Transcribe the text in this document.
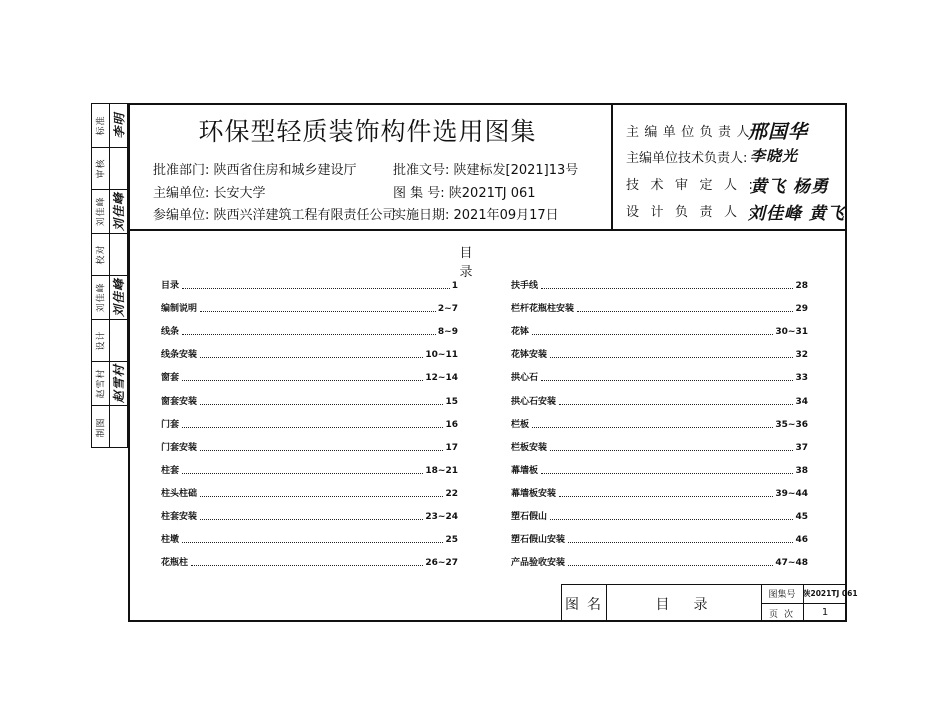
标准 李明
审核
刘佳峰 刘佳峰
校对
刘佳峰 刘佳峰
设计
赵雪村 赵雪村
制图
环保型轻质装饰构件选用图集
批准部门: 陕西省住房和城乡建设厅	批准文号: 陕建标发[2021]13号
主编单位: 长安大学	图 集 号: 陕2021TJ 061
参编单位: 陕西兴洋建筑工程有限责任公司
实施日期: 2021年09月17日
主编单位负责人:
邢国华
主编单位技术负责人: 李晓光
技术审定人:
黄飞 杨勇
设计负责人:
刘佳峰 黄飞
目录
目录	1
编制说明	2~7
线条	8~9
线条安装	10~11
窗套	12~14
窗套安装	15
门套	16
门套安装	17
柱套	18~21
柱头柱础	22
柱套安装	23~24
柱墩	25
花瓶柱	26~27
扶手线	28
栏杆花瓶柱安装	29
花钵	30~31
花钵安装	32
拱心石	33
拱心石安装	34
栏板	35~36
栏板安装	37
幕墙板	38
幕墙板安装	39~44
塑石假山	45
塑石假山安装	46
产品验收安装	47~48
图名	目录
图集号	陕2021TJ 061
页次	1
